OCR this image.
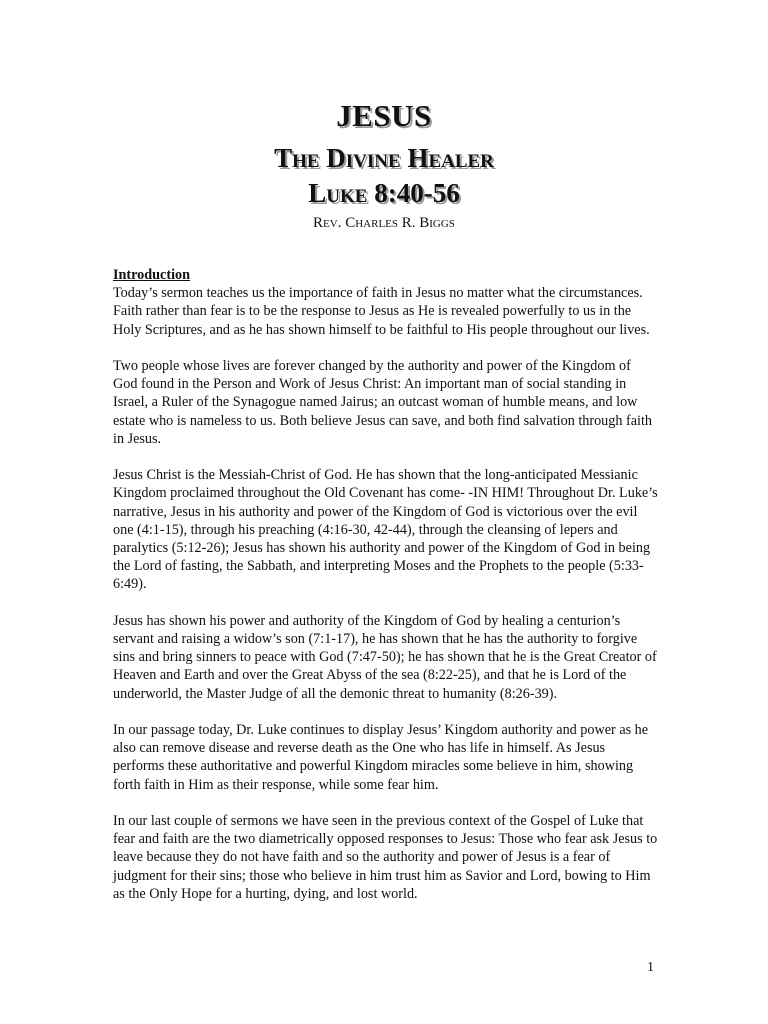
JESUS
The Divine Healer
Luke 8:40-56
Rev. Charles R. Biggs
Introduction

Today’s sermon teaches us the importance of faith in Jesus no matter what the circumstances. Faith rather than fear is to be the response to Jesus as He is revealed powerfully to us in the Holy Scriptures, and as he has shown himself to be faithful to His people throughout our lives.

Two people whose lives are forever changed by the authority and power of the Kingdom of God found in the Person and Work of Jesus Christ: An important man of social standing in Israel, a Ruler of the Synagogue named Jairus; an outcast woman of humble means, and low estate who is nameless to us. Both believe Jesus can save, and both find salvation through faith in Jesus.

Jesus Christ is the Messiah-Christ of God. He has shown that the long-anticipated Messianic Kingdom proclaimed throughout the Old Covenant has come- -IN HIM! Throughout Dr. Luke’s narrative, Jesus in his authority and power of the Kingdom of God is victorious over the evil one (4:1-15), through his preaching (4:16-30, 42-44), through the cleansing of lepers and paralytics (5:12-26); Jesus has shown his authority and power of the Kingdom of God in being the Lord of fasting, the Sabbath, and interpreting Moses and the Prophets to the people (5:33-6:49).

Jesus has shown his power and authority of the Kingdom of God by healing a centurion’s servant and raising a widow’s son (7:1-17), he has shown that he has the authority to forgive sins and bring sinners to peace with God (7:47-50); he has shown that he is the Great Creator of Heaven and Earth and over the Great Abyss of the sea (8:22-25), and that he is Lord of the underworld, the Master Judge of all the demonic threat to humanity (8:26-39).

In our passage today, Dr. Luke continues to display Jesus’ Kingdom authority and power as he also can remove disease and reverse death as the One who has life in himself. As Jesus performs these authoritative and powerful Kingdom miracles some believe in him, showing forth faith in Him as their response, while some fear him.

In our last couple of sermons we have seen in the previous context of the Gospel of Luke that fear and faith are the two diametrically opposed responses to Jesus: Those who fear ask Jesus to leave because they do not have faith and so the authority and power of Jesus is a fear of judgment for their sins; those who believe in him trust him as Savior and Lord, bowing to Him as the Only Hope for a hurting, dying, and lost world.

1
